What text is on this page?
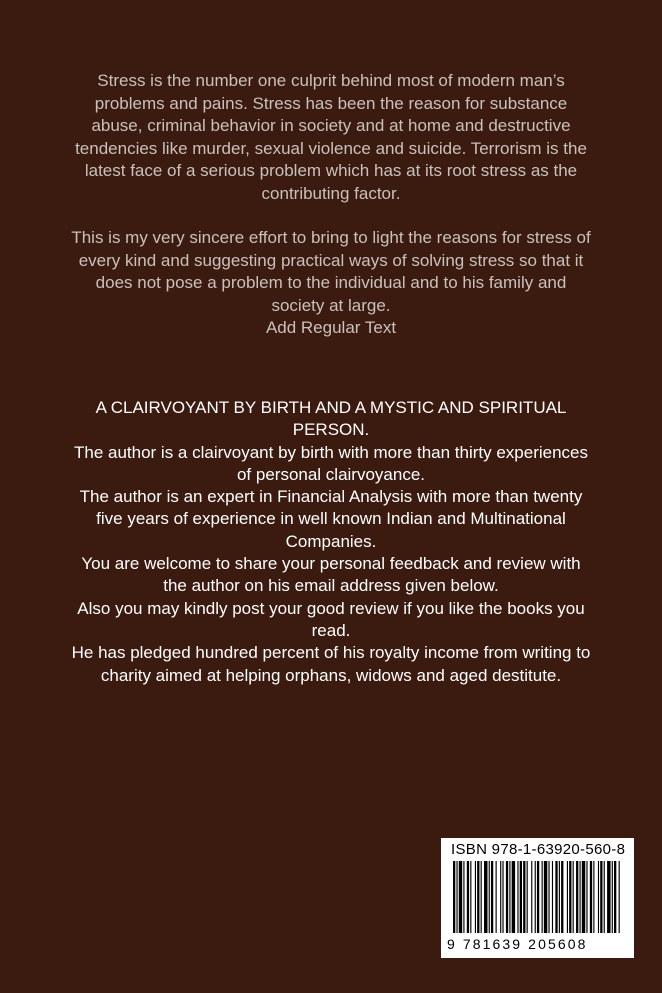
Stress is the number one culprit behind most of modern man’s problems and pains. Stress has been the reason for substance abuse, criminal behavior in society and at home and destructive tendencies like murder, sexual violence and suicide. Terrorism is the latest face of a serious problem which has at its root stress as the contributing factor.

This is my very sincere effort to bring to light the reasons for stress of every kind and suggesting practical ways of solving stress so that it does not pose a problem to the individual and to his family and society at large.

Add Regular Text
A CLAIRVOYANT BY BIRTH AND A MYSTIC AND SPIRITUAL PERSON.
The author is a clairvoyant by birth with more than thirty experiences of personal clairvoyance.
The author is an expert in Financial Analysis with more than twenty five years of experience in well known Indian and Multinational Companies.
You are welcome to share your personal feedback and review with the author on his email address given below.
Also you may kindly post your good review if you like the books you read.
He has pledged hundred percent of his royalty income from writing to charity aimed at helping orphans, widows and aged destitute.
ISBN 978-1-63920-560-8
9 781639 205608
